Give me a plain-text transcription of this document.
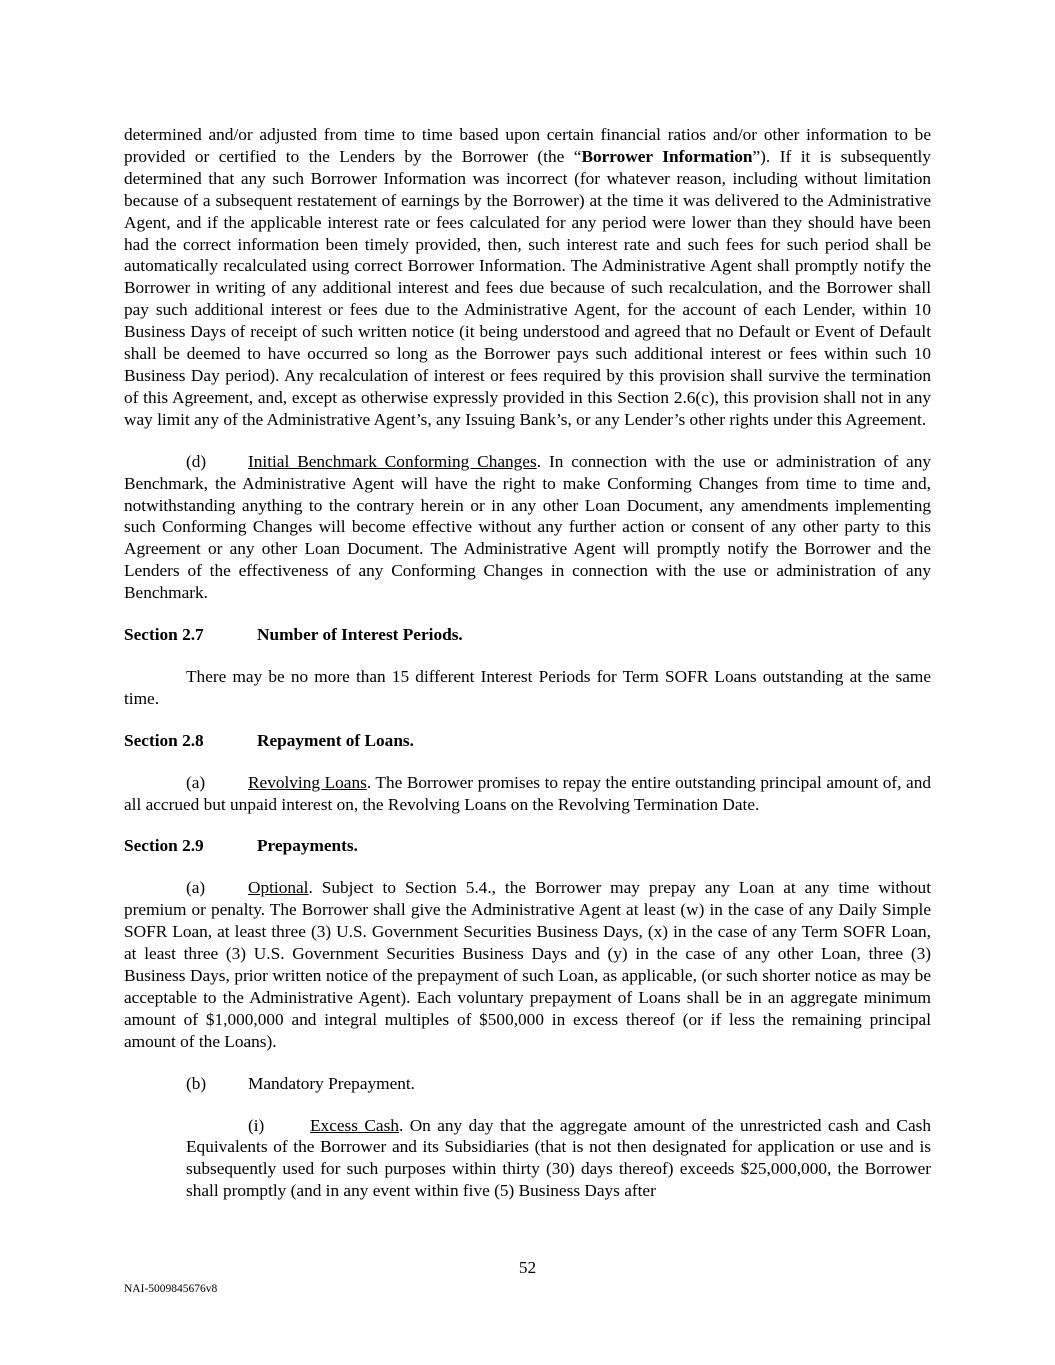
determined and/or adjusted from time to time based upon certain financial ratios and/or other information to be provided or certified to the Lenders by the Borrower (the “Borrower Information”). If it is subsequently determined that any such Borrower Information was incorrect (for whatever reason, including without limitation because of a subsequent restatement of earnings by the Borrower) at the time it was delivered to the Administrative Agent, and if the applicable interest rate or fees calculated for any period were lower than they should have been had the correct information been timely provided, then, such interest rate and such fees for such period shall be automatically recalculated using correct Borrower Information. The Administrative Agent shall promptly notify the Borrower in writing of any additional interest and fees due because of such recalculation, and the Borrower shall pay such additional interest or fees due to the Administrative Agent, for the account of each Lender, within 10 Business Days of receipt of such written notice (it being understood and agreed that no Default or Event of Default shall be deemed to have occurred so long as the Borrower pays such additional interest or fees within such 10 Business Day period). Any recalculation of interest or fees required by this provision shall survive the termination of this Agreement, and, except as otherwise expressly provided in this Section 2.6(c), this provision shall not in any way limit any of the Administrative Agent’s, any Issuing Bank’s, or any Lender’s other rights under this Agreement.

(d) Initial Benchmark Conforming Changes. In connection with the use or administration of any Benchmark, the Administrative Agent will have the right to make Conforming Changes from time to time and, notwithstanding anything to the contrary herein or in any other Loan Document, any amendments implementing such Conforming Changes will become effective without any further action or consent of any other party to this Agreement or any other Loan Document. The Administrative Agent will promptly notify the Borrower and the Lenders of the effectiveness of any Conforming Changes in connection with the use or administration of any Benchmark.

Section 2.7	Number of Interest Periods.

There may be no more than 15 different Interest Periods for Term SOFR Loans outstanding at the same time.

Section 2.8	Repayment of Loans.

(a) Revolving Loans. The Borrower promises to repay the entire outstanding principal amount of, and all accrued but unpaid interest on, the Revolving Loans on the Revolving Termination Date.

Section 2.9	Prepayments.

(a) Optional. Subject to Section 5.4., the Borrower may prepay any Loan at any time without premium or penalty. The Borrower shall give the Administrative Agent at least (w) in the case of any Daily Simple SOFR Loan, at least three (3) U.S. Government Securities Business Days, (x) in the case of any Term SOFR Loan, at least three (3) U.S. Government Securities Business Days and (y) in the case of any other Loan, three (3) Business Days, prior written notice of the prepayment of such Loan, as applicable, (or such shorter notice as may be acceptable to the Administrative Agent). Each voluntary prepayment of Loans shall be in an aggregate minimum amount of $1,000,000 and integral multiples of $500,000 in excess thereof (or if less the remaining principal amount of the Loans).

(b) Mandatory Prepayment.

(i)	Excess Cash. On any day that the aggregate amount of the unrestricted cash and Cash Equivalents of the Borrower and its Subsidiaries (that is not then designated for application or use and is subsequently used for such purposes within thirty (30) days thereof) exceeds $25,000,000, the Borrower shall promptly (and in any event within five (5) Business Days after

52
NAI-5009845676v8
